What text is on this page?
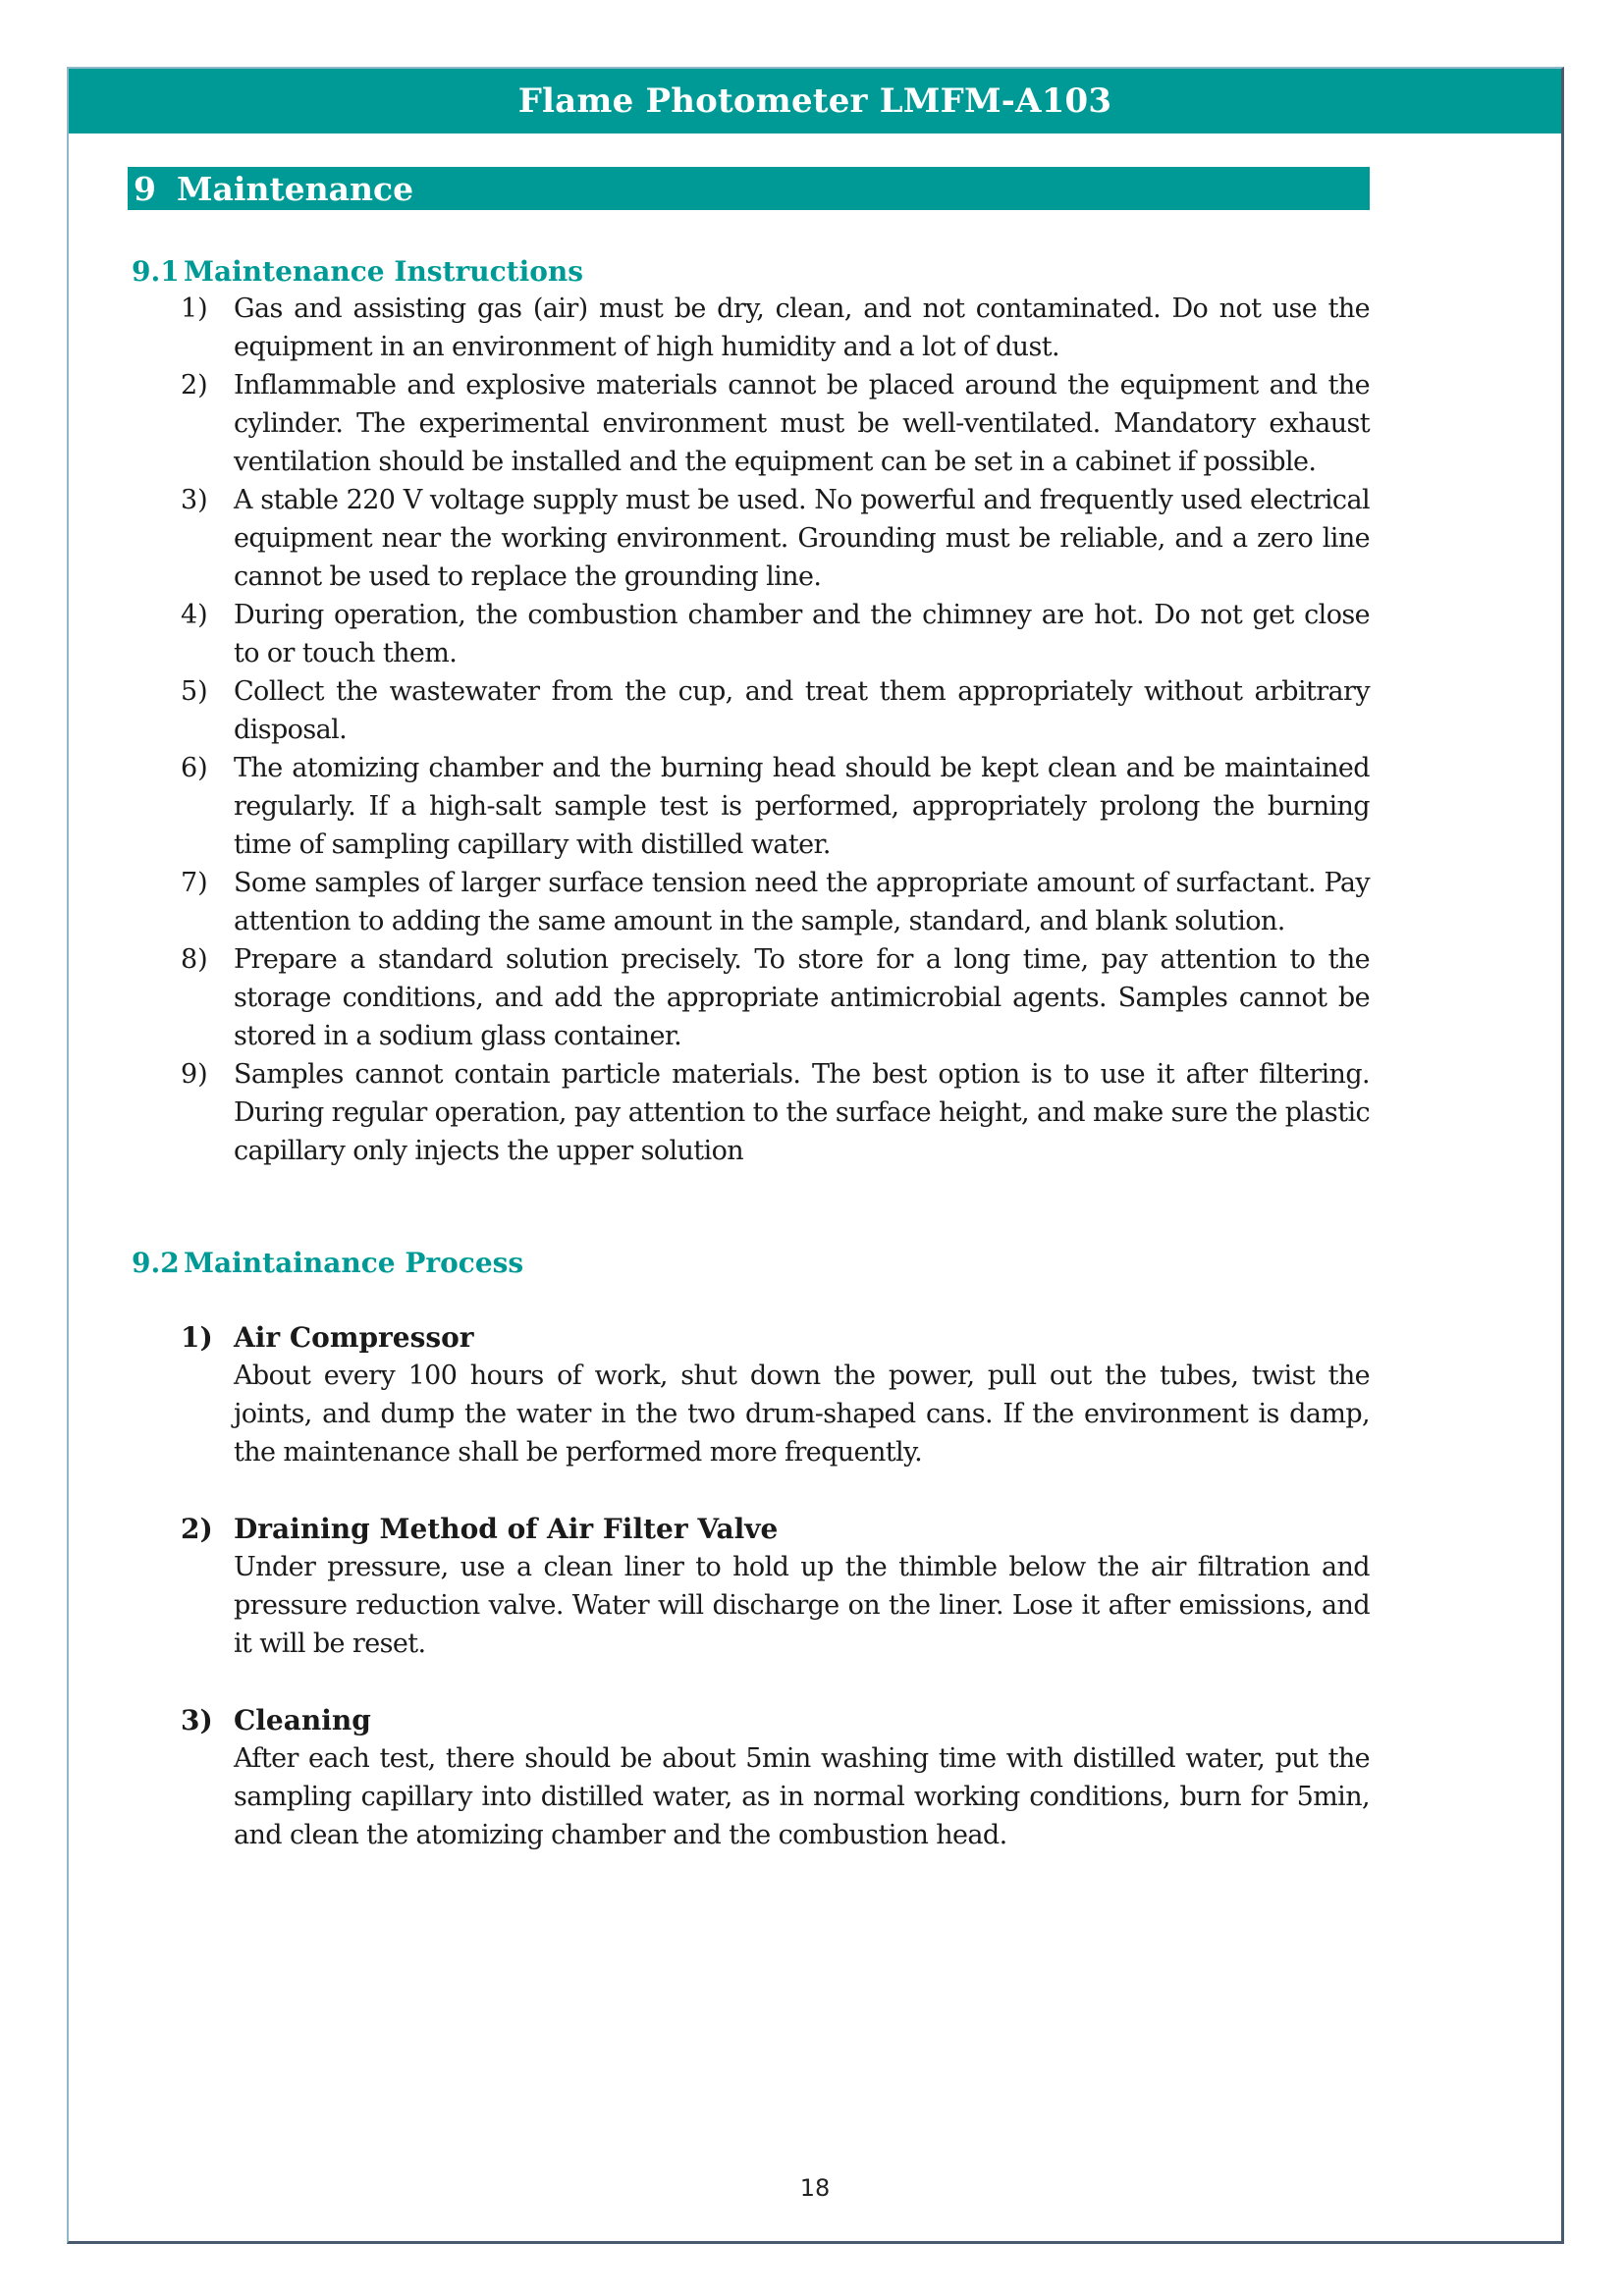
Flame Photometer LMFM-A103
18
9 Maintenance
9.1 Maintenance Instructions
1) Gas and assisting gas (air) must be dry, clean, and not contaminated. Do not use the equipment in an environment of high humidity and a lot of dust.
2) Inflammable and explosive materials cannot be placed around the equipment and the cylinder. The experimental environment must be well-ventilated. Mandatory exhaust ventilation should be installed and the equipment can be set in a cabinet if possible.
3) A stable 220 V voltage supply must be used. No powerful and frequently used electrical equipment near the working environment. Grounding must be reliable, and a zero line cannot be used to replace the grounding line.
4) During operation, the combustion chamber and the chimney are hot. Do not get close to or touch them.
5) Collect the wastewater from the cup, and treat them appropriately without arbitrary disposal.
6) The atomizing chamber and the burning head should be kept clean and be maintained regularly. If a high-salt sample test is performed, appropriately prolong the burning time of sampling capillary with distilled water.
7) Some samples of larger surface tension need the appropriate amount of surfactant. Pay attention to adding the same amount in the sample, standard, and blank solution.
8) Prepare a standard solution precisely. To store for a long time, pay attention to the storage conditions, and add the appropriate antimicrobial agents. Samples cannot be stored in a sodium glass container.
9) Samples cannot contain particle materials. The best option is to use it after filtering. During regular operation, pay attention to the surface height, and make sure the plastic capillary only injects the upper solution
9.2 Maintainance Process
1) Air Compressor
About every 100 hours of work, shut down the power, pull out the tubes, twist the joints, and dump the water in the two drum-shaped cans. If the environment is damp, the maintenance shall be performed more frequently.
2) Draining Method of Air Filter Valve
Under pressure, use a clean liner to hold up the thimble below the air filtration and pressure reduction valve. Water will discharge on the liner. Lose it after emissions, and it will be reset.
3) Cleaning
After each test, there should be about 5min washing time with distilled water, put the sampling capillary into distilled water, as in normal working conditions, burn for 5min, and clean the atomizing chamber and the combustion head.
